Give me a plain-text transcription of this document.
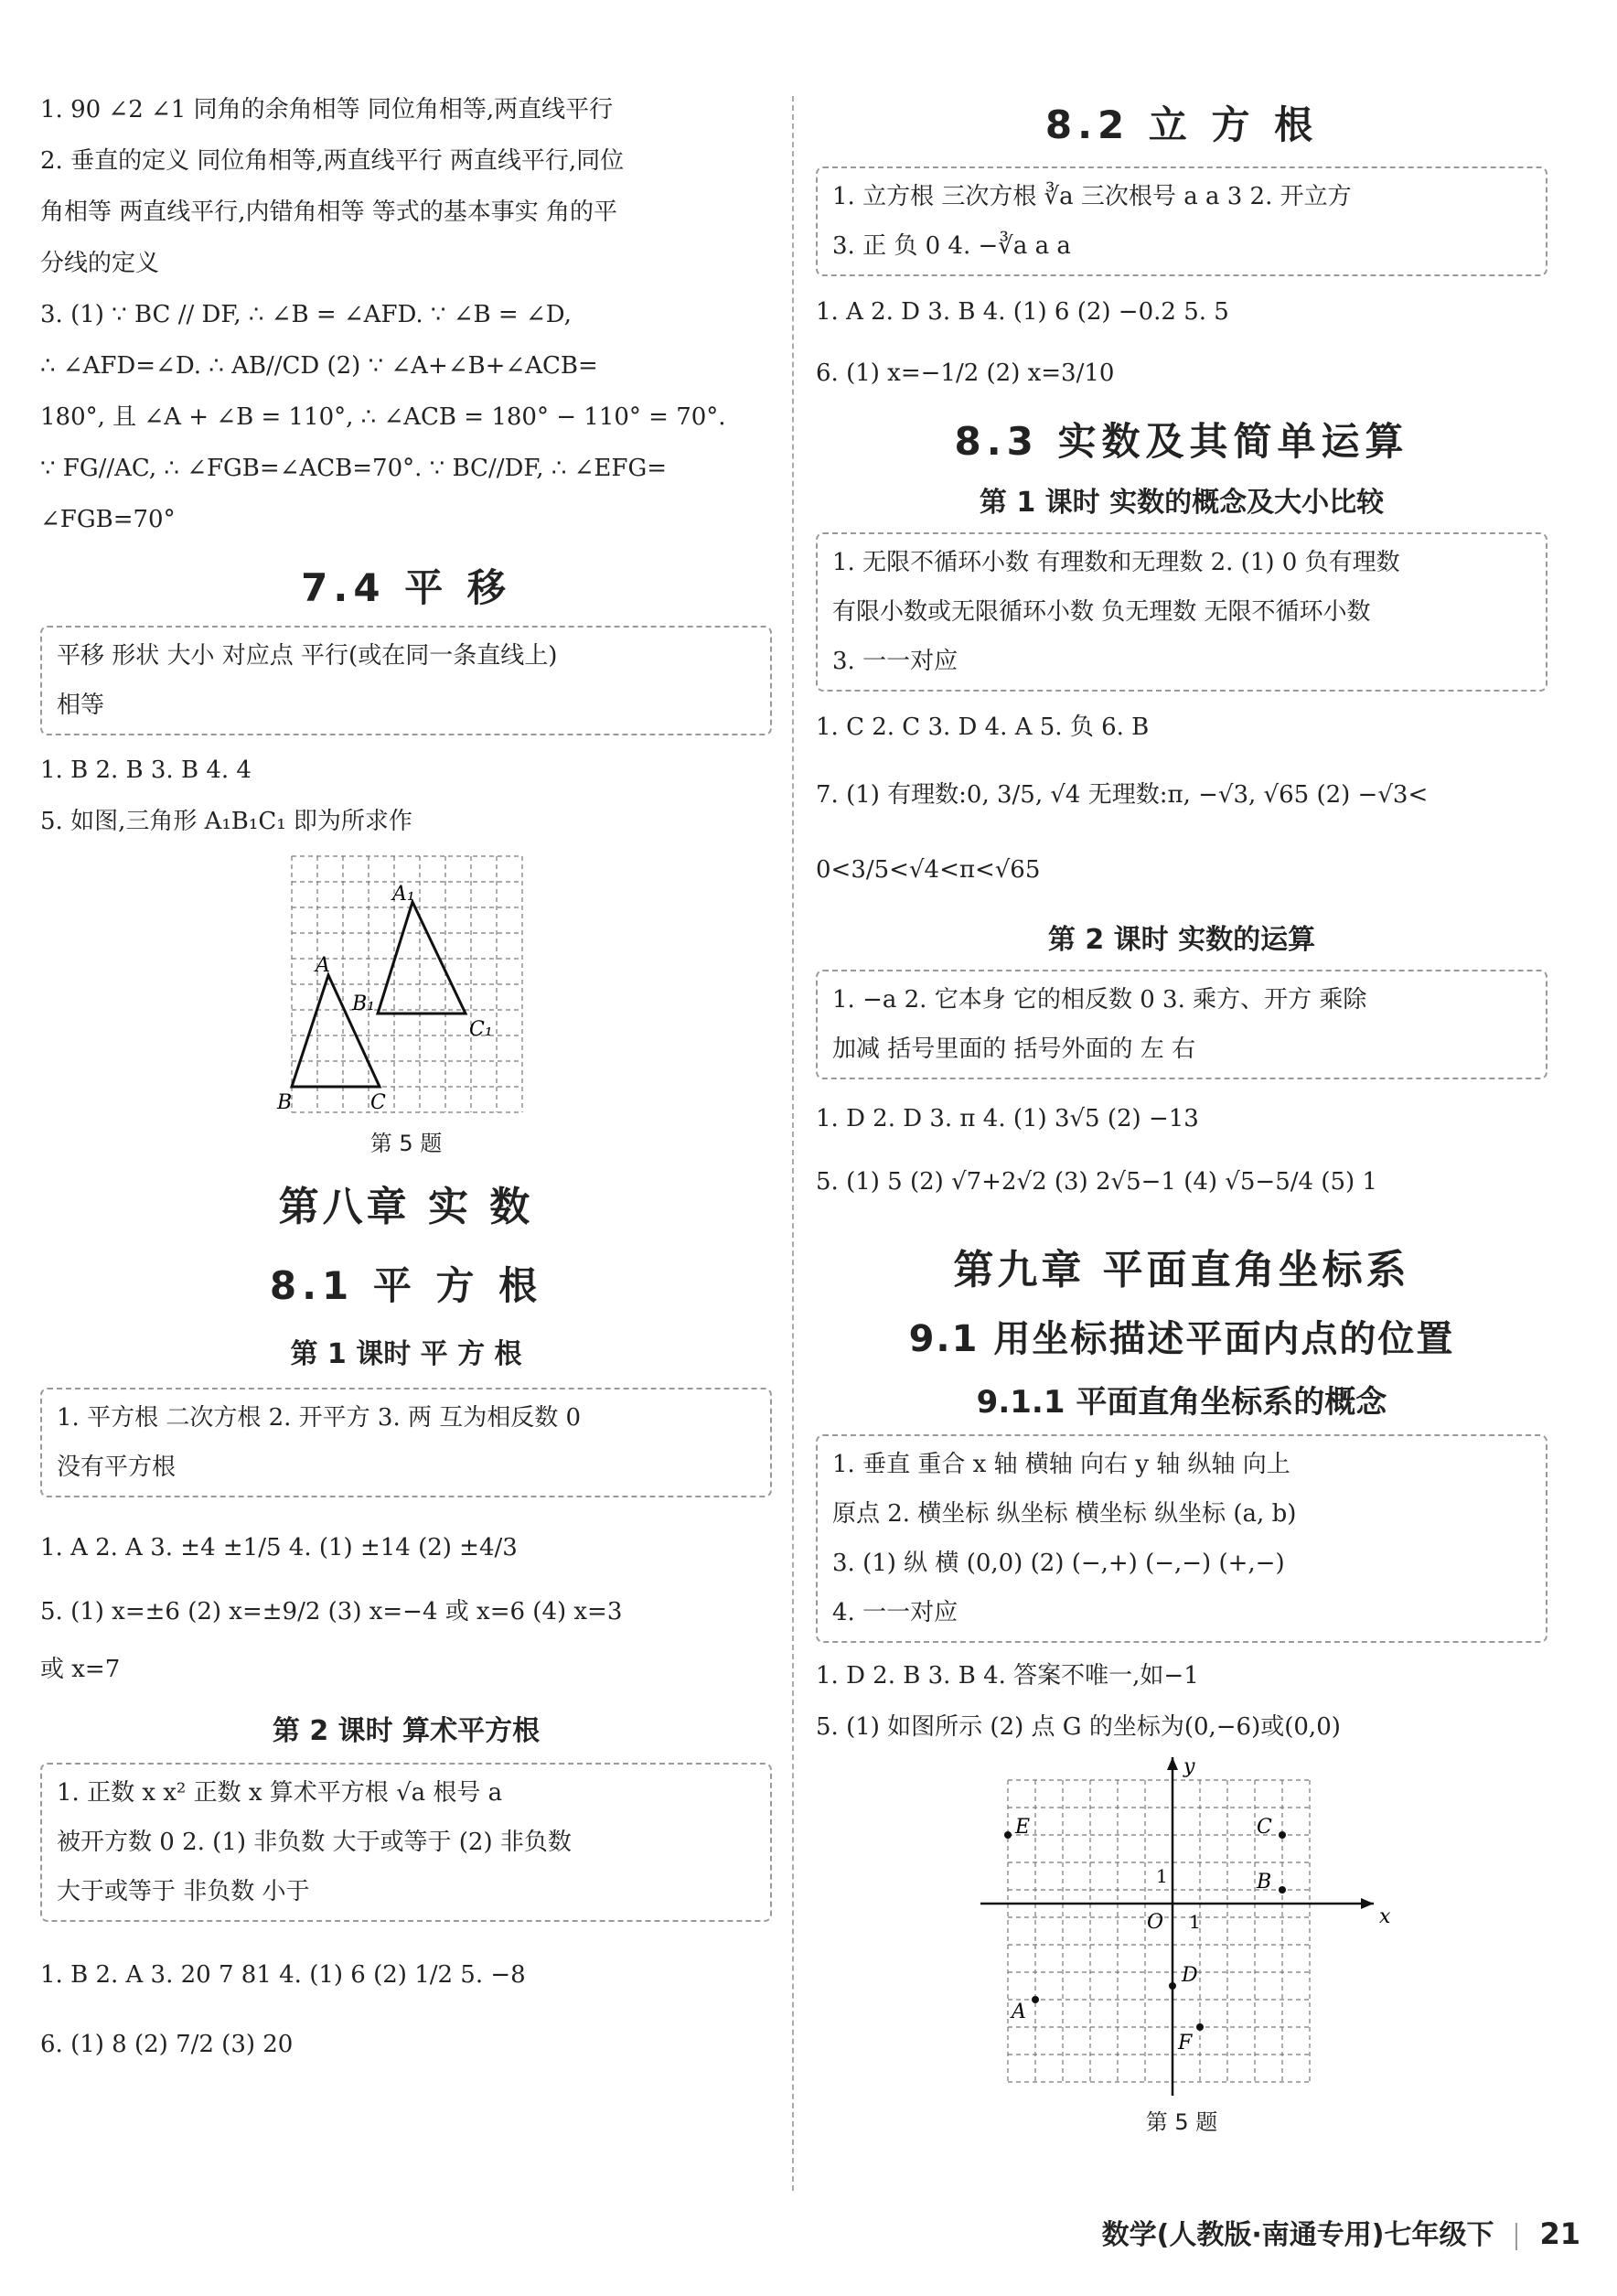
1. 90 ∠2 ∠1 同角的余角相等 同位角相等,两直线平行

2. 垂直的定义 同位角相等,两直线平行 两直线平行,同位

角相等 两直线平行,内错角相等 等式的基本事实 角的平

分线的定义

3. (1) ∵ BC // DF, ∴ ∠B = ∠AFD. ∵ ∠B = ∠D,

∴ ∠AFD=∠D. ∴ AB//CD (2) ∵ ∠A+∠B+∠ACB=

180°, 且 ∠A + ∠B = 110°, ∴ ∠ACB = 180° − 110° = 70°.

∵ FG//AC, ∴ ∠FGB=∠ACB=70°. ∵ BC//DF, ∴ ∠EFG=

∠FGB=70°

7.4 平 移

平移 形状 大小 对应点 平行(或在同一条直线上)

相等

1. B 2. B 3. B 4. 4

5. 如图,三角形 A₁B₁C₁ 即为所求作

A
B	C
A₁
B₁
C₁
第 5 题
第八章 实 数
8.1 平 方 根
第 1 课时 平 方 根

1. 平方根 二次方根 2. 开平方 3. 两 互为相反数 0

没有平方根

1. A 2. A 3. ±4 ±1/5 4. (1) ±14 (2) ±4/3

5. (1) x=±6 (2) x=±9/2 (3) x=−4 或 x=6 (4) x=3

或 x=7

第 2 课时 算术平方根

1. 正数 x x² 正数 x 算术平方根 √a 根号 a

被开方数 0 2. (1) 非负数 大于或等于 (2) 非负数

大于或等于 非负数 小于

1. B 2. A 3. 20 7 81 4. (1) 6 (2) 1/2 5. −8

6. (1) 8 (2) 7/2 (3) 20

8.2 立 方 根

1. 立方根 三次方根 ∛a 三次根号 a a 3 2. 开立方

3. 正 负 0 4. −∛a a a

1. A 2. D 3. B 4. (1) 6 (2) −0.2 5. 5

6. (1) x=−1/2 (2) x=3/10

8.3 实数及其简单运算
第 1 课时 实数的概念及大小比较

1. 无限不循环小数 有理数和无理数 2. (1) 0 负有理数

有限小数或无限循环小数 负无理数 无限不循环小数

3. 一一对应

1. C 2. C 3. D 4. A 5. 负 6. B

7. (1) 有理数:0, 3/5, √4 无理数:π, −√3, √65 (2) −√3<

0<3/5<√4<π<√65

第 2 课时 实数的运算

1. −a 2. 它本身 它的相反数 0 3. 乘方、开方 乘除

加减 括号里面的 括号外面的 左 右

1. D 2. D 3. π 4. (1) 3√5 (2) −13

5. (1) 5 (2) √7+2√2 (3) 2√5−1 (4) √5−5/4 (5) 1

第九章 平面直角坐标系
9.1 用坐标描述平面内点的位置
9.1.1 平面直角坐标系的概念

1. 垂直 重合 x 轴 横轴 向右 y 轴 纵轴 向上

原点 2. 横坐标 纵坐标 横坐标 纵坐标 (a, b)

3. (1) 纵 横 (0,0) (2) (−,+) (−,−) (+,−)

4. 一一对应

1. D 2. B 3. B 4. 答案不唯一,如−1

5. (1) 如图所示 (2) 点 G 的坐标为(0,−6)或(0,0)

x
y
O 1
1
E	C
B
D
A
F
第 5 题
数学(人教版·南通专用)七年级下 21
